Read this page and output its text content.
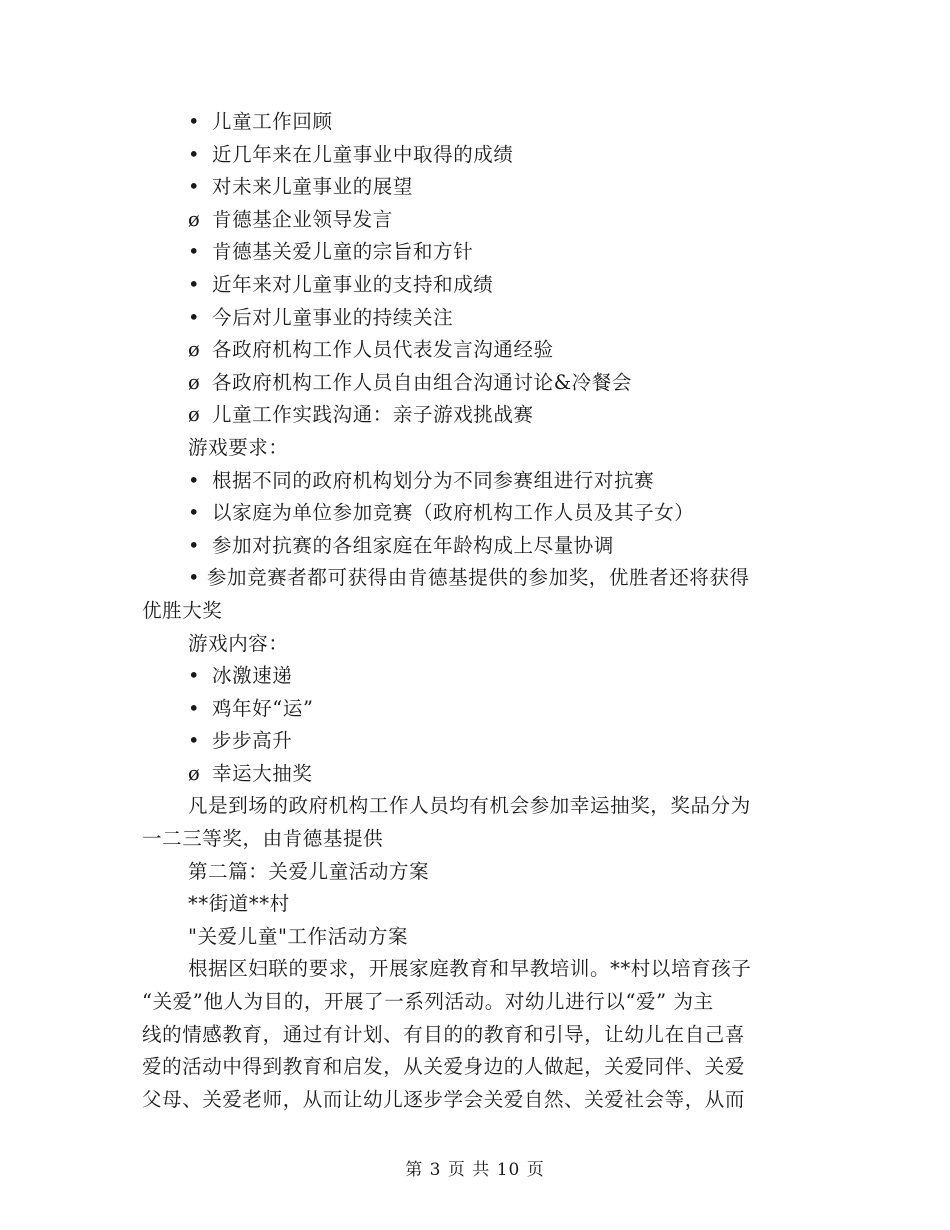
• 儿童工作回顾
• 近几年来在儿童事业中取得的成绩
• 对未来儿童事业的展望
ø 肯德基企业领导发言
• 肯德基关爱儿童的宗旨和方针
• 近年来对儿童事业的支持和成绩
• 今后对儿童事业的持续关注
ø 各政府机构工作人员代表发言沟通经验
ø 各政府机构工作人员自由组合沟通讨论&冷餐会
ø 儿童工作实践沟通：亲子游戏挑战赛
游戏要求：
• 根据不同的政府机构划分为不同参赛组进行对抗赛
• 以家庭为单位参加竞赛（政府机构工作人员及其子女）
• 参加对抗赛的各组家庭在年龄构成上尽量协调
• 参加竞赛者都可获得由肯德基提供的参加奖，优胜者还将获得
优胜大奖
游戏内容：
• 冰激速递
• 鸡年好“运”
• 步步高升
ø 幸运大抽奖
凡是到场的政府机构工作人员均有机会参加幸运抽奖，奖品分为
一二三等奖，由肯德基提供
第二篇：关爱儿童活动方案
**街道**村
"关爱儿童"工作活动方案
根据区妇联的要求，开展家庭教育和早教培训。**村以培育孩子
“关爱”他人为目的，开展了一系列活动。对幼儿进行以“爱” 为主
线的情感教育，通过有计划、有目的的教育和引导，让幼儿在自己喜
爱的活动中得到教育和启发，从关爱身边的人做起，关爱同伴、关爱
父母、关爱老师，从而让幼儿逐步学会关爱自然、关爱社会等，从而
第 3 页 共 10 页
